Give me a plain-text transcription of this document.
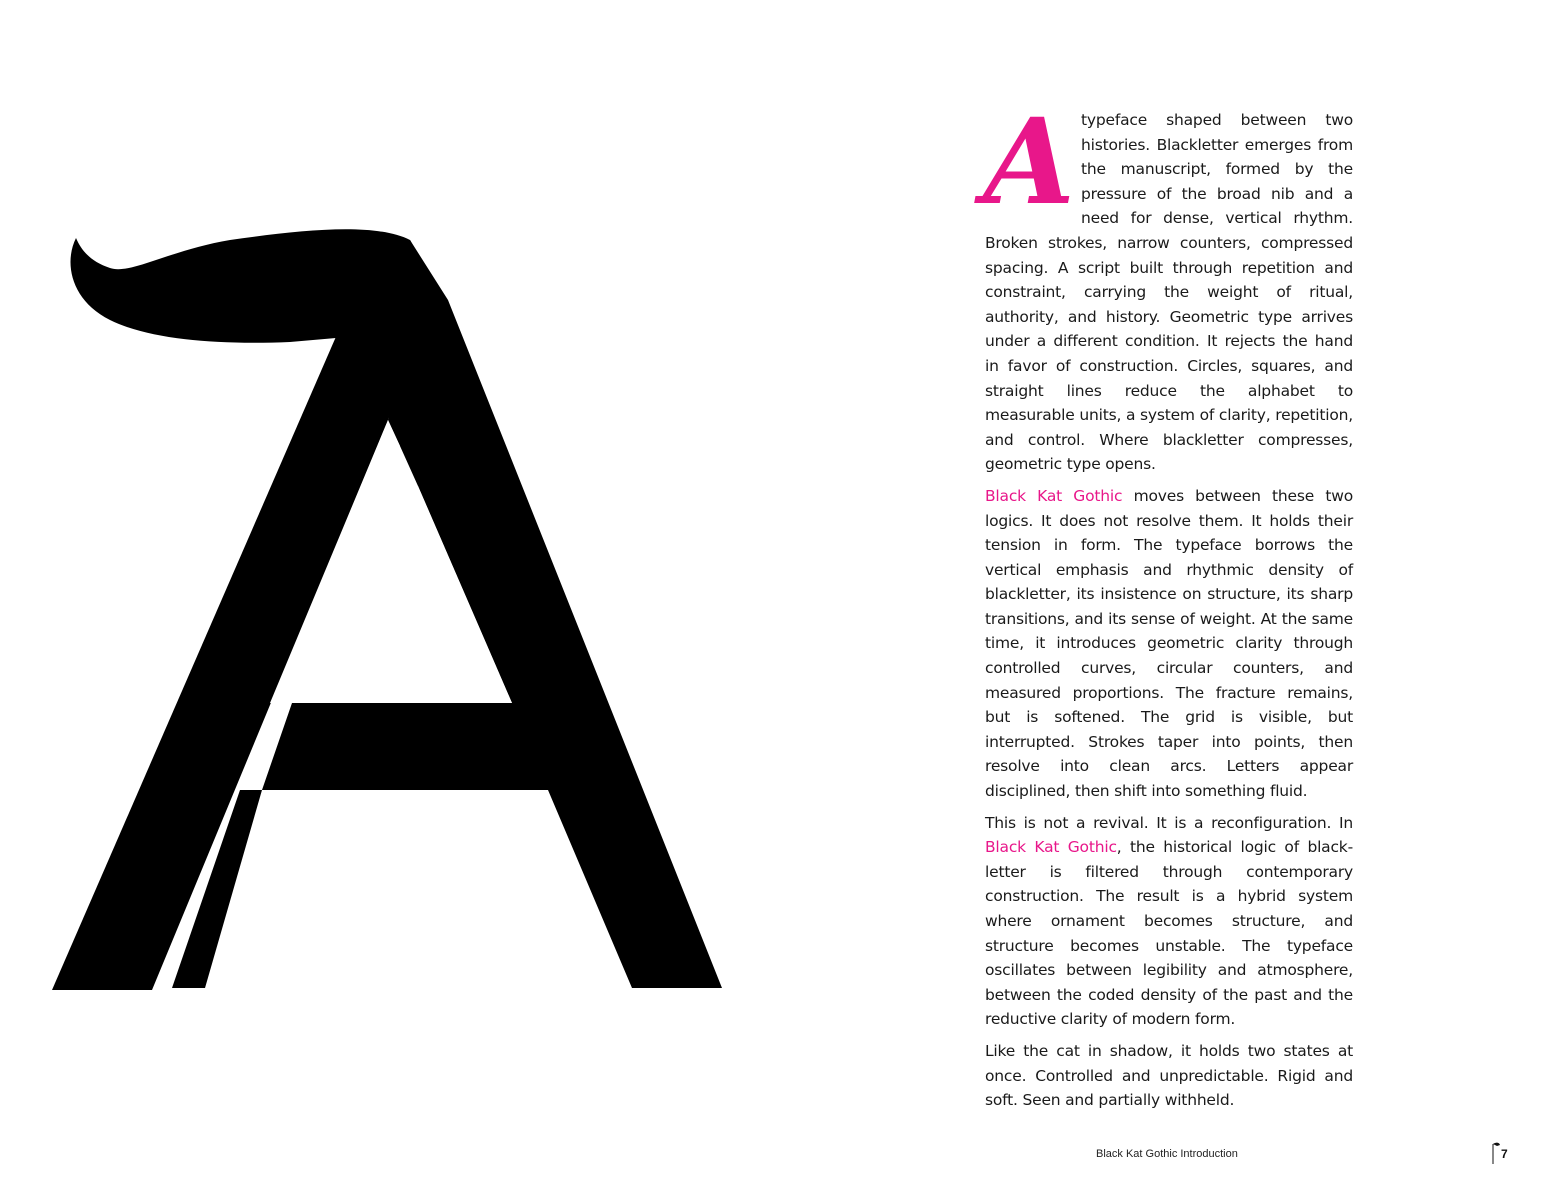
Atypeface shaped between two histories. Blackletter emerges from the manuscript, formed by the pressure of the broad nib and a need for dense, vertical rhythm. Broken strokes, narrow counters, compressed spacing. A script built through repetition and constraint, carrying the weight of ritual, authority, and history. Geometric type arrives under a different condition. It rejects the hand in favor of construction. Circles, squares, and straight lines reduce the alphabet to measurable units, a system of clarity, repetition, and control. Where blackletter compresses, geometric type opens.

Black Kat Gothic moves between these two logics. It does not resolve them. It holds their tension in form. The typeface borrows the vertical emphasis and rhythmic density of blackletter, its insistence on structure, its sharp transitions, and its sense of weight. At the same time, it introduces geometric clarity through controlled curves, circular counters, and measured proportions. The fracture remains, but is softened. The grid is visible, but interrupted. Strokes taper into points, then resolve into clean arcs. Letters appear disciplined, then shift into something fluid.

This is not a revival. It is a reconfiguration. In Black Kat Gothic, the historical logic of black-letter is filtered through contemporary construction. The result is a hybrid system where ornament becomes structure, and structure becomes unstable. The typeface oscillates between legibility and atmosphere, between the coded density of the past and the reductive clarity of modern form.

Like the cat in shadow, it holds two states at once. Controlled and unpredictable. Rigid and soft. Seen and partially withheld.

Black Kat Gothic Introduction	7
